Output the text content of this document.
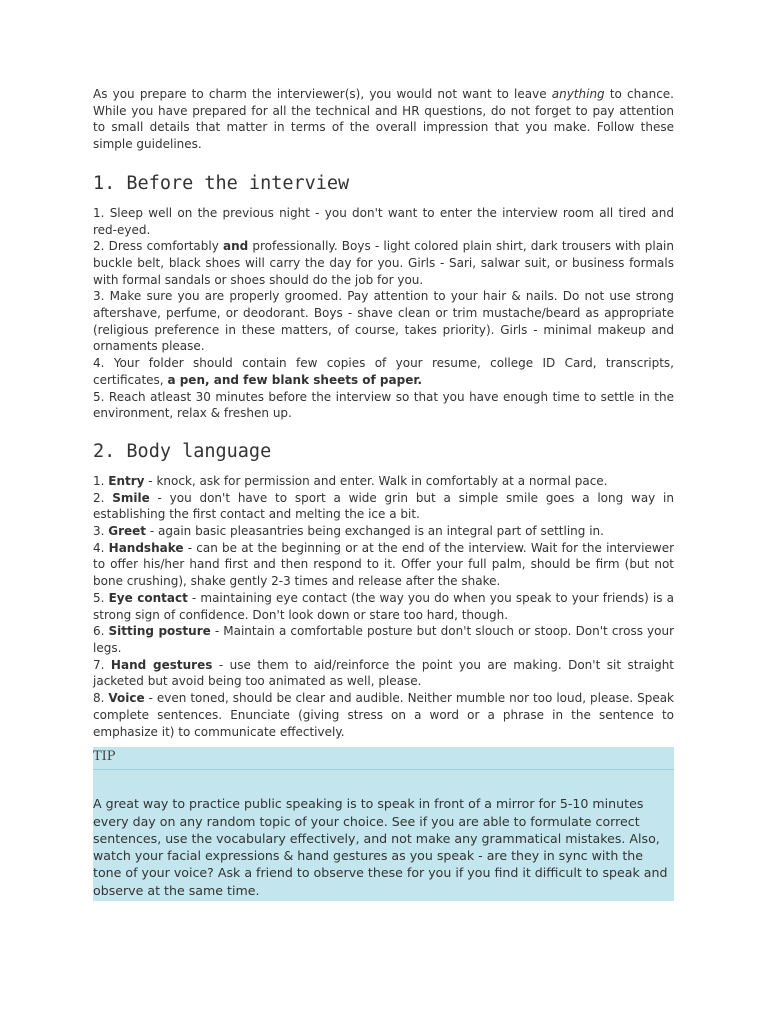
As you prepare to charm the interviewer(s), you would not want to leave anything to chance. While you have prepared for all the technical and HR questions, do not forget to pay attention to small details that matter in terms of the overall impression that you make. Follow these simple guidelines.

1. Before the interview

1. Sleep well on the previous night - you don't want to enter the interview room all tired and red-eyed.

2. Dress comfortably and professionally. Boys - light colored plain shirt, dark trousers with plain buckle belt, black shoes will carry the day for you. Girls - Sari, salwar suit, or business formals with formal sandals or shoes should do the job for you.

3. Make sure you are properly groomed. Pay attention to your hair & nails. Do not use strong aftershave, perfume, or deodorant. Boys - shave clean or trim mustache/beard as appropriate (religious preference in these matters, of course, takes priority). Girls - minimal makeup and ornaments please.

4. Your folder should contain few copies of your resume, college ID Card, transcripts, certificates, a pen, and few blank sheets of paper.

5. Reach atleast 30 minutes before the interview so that you have enough time to settle in the environment, relax & freshen up.

2. Body language

1. Entry - knock, ask for permission and enter. Walk in comfortably at a normal pace.

2. Smile - you don't have to sport a wide grin but a simple smile goes a long way in establishing the first contact and melting the ice a bit.

3. Greet - again basic pleasantries being exchanged is an integral part of settling in.

4. Handshake - can be at the beginning or at the end of the interview. Wait for the interviewer to offer his/her hand first and then respond to it. Offer your full palm, should be firm (but not bone crushing), shake gently 2-3 times and release after the shake.

5. Eye contact - maintaining eye contact (the way you do when you speak to your friends) is a strong sign of confidence. Don't look down or stare too hard, though.

6. Sitting posture - Maintain a comfortable posture but don't slouch or stoop. Don't cross your legs.

7. Hand gestures - use them to aid/reinforce the point you are making. Don't sit straight jacketed but avoid being too animated as well, please.

8. Voice - even toned, should be clear and audible. Neither mumble nor too loud, please. Speak complete sentences. Enunciate (giving stress on a word or a phrase in the sentence to emphasize it) to communicate effectively.

TIP
A great way to practice public speaking is to speak in front of a mirror for 5-10 minutes every day on any random topic of your choice. See if you are able to formulate correct sentences, use the vocabulary effectively, and not make any grammatical mistakes. Also, watch your facial expressions & hand gestures as you speak - are they in sync with the tone of your voice? Ask a friend to observe these for you if you find it difficult to speak and observe at the same time.
